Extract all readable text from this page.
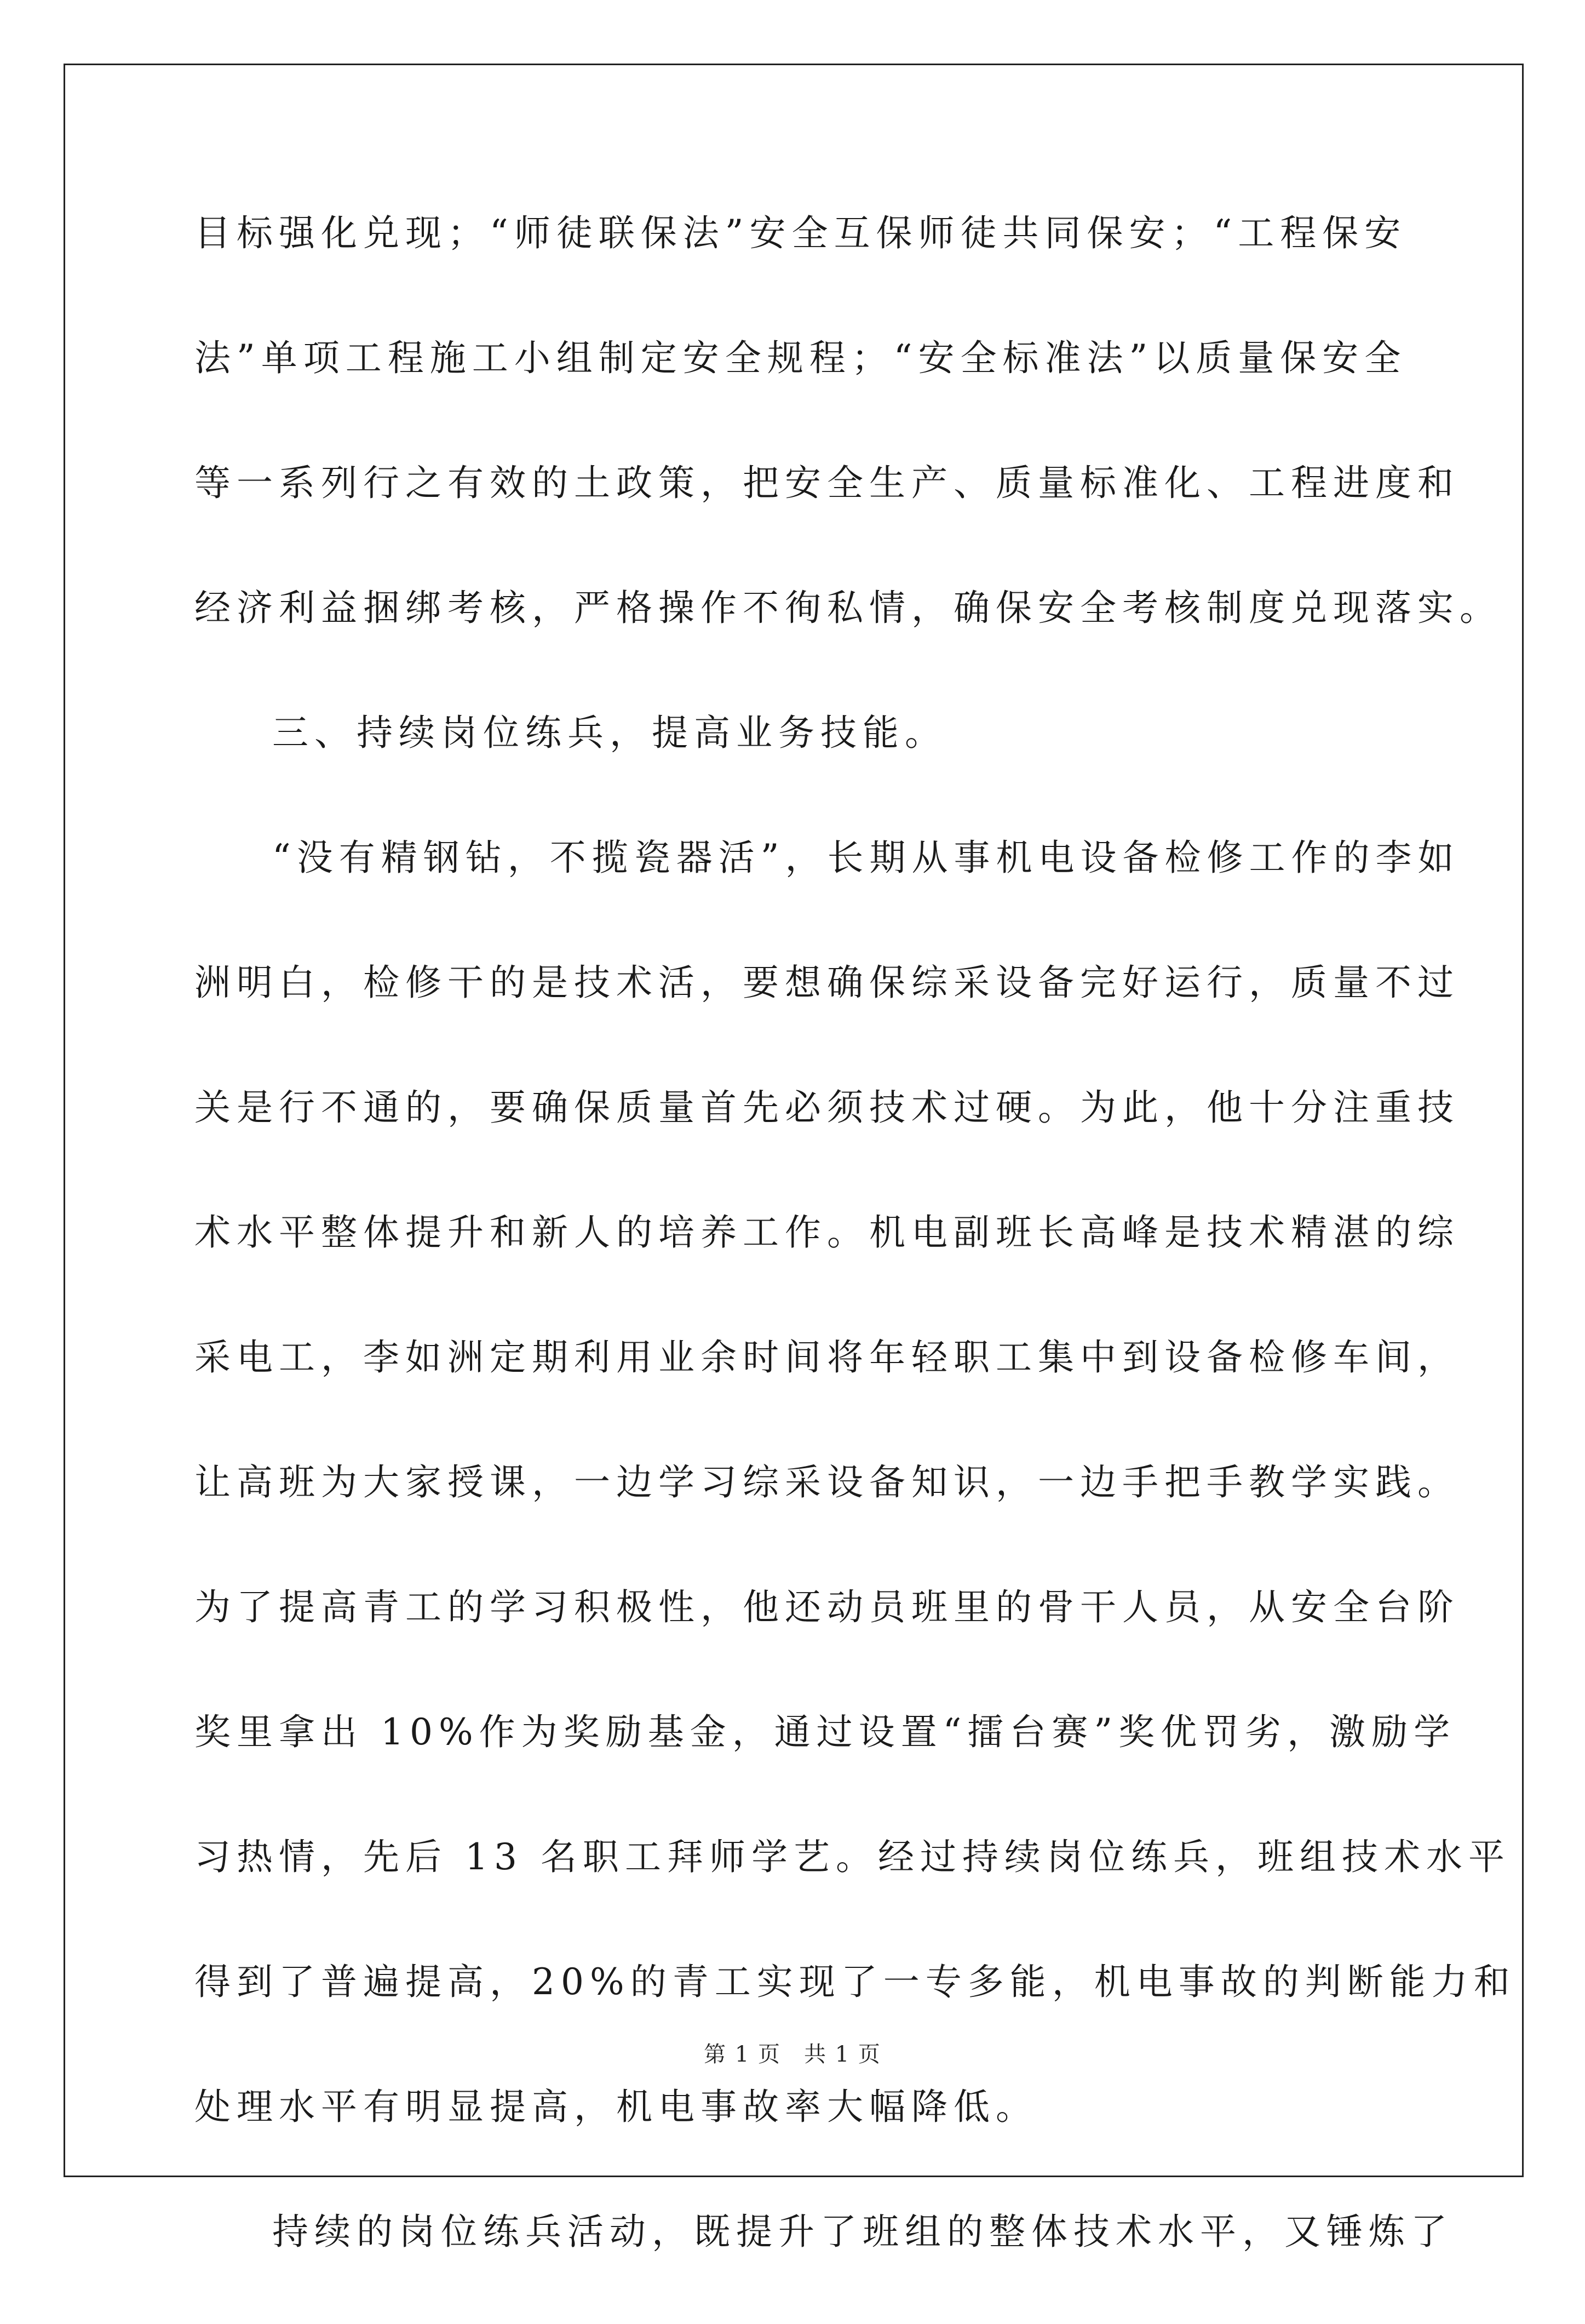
目标强化兑现；“师徒联保法”安全互保师徒共同保安；“工程保安
法”单项工程施工小组制定安全规程；“安全标准法”以质量保安全
等一系列行之有效的土政策，把安全生产、质量标准化、工程进度和
经济利益捆绑考核，严格操作不徇私情，确保安全考核制度兑现落实。
三、持续岗位练兵，提高业务技能。
“没有精钢钻，不揽瓷器活”，长期从事机电设备检修工作的李如
洲明白，检修干的是技术活，要想确保综采设备完好运行，质量不过
关是行不通的，要确保质量首先必须技术过硬。为此，他十分注重技
术水平整体提升和新人的培养工作。机电副班长高峰是技术精湛的综
采电工，李如洲定期利用业余时间将年轻职工集中到设备检修车间，
让高班为大家授课，一边学习综采设备知识，一边手把手教学实践。
为了提高青工的学习积极性，他还动员班里的骨干人员，从安全台阶
奖里拿出 10%作为奖励基金，通过设置“擂台赛”奖优罚劣，激励学
习热情，先后 13 名职工拜师学艺。经过持续岗位练兵，班组技术水平
得到了普遍提高，20%的青工实现了一专多能，机电事故的判断能力和
处理水平有明显提高，机电事故率大幅降低。
持续的岗位练兵活动，既提升了班组的整体技术水平，又锤炼了
第 1 页　共 1 页
